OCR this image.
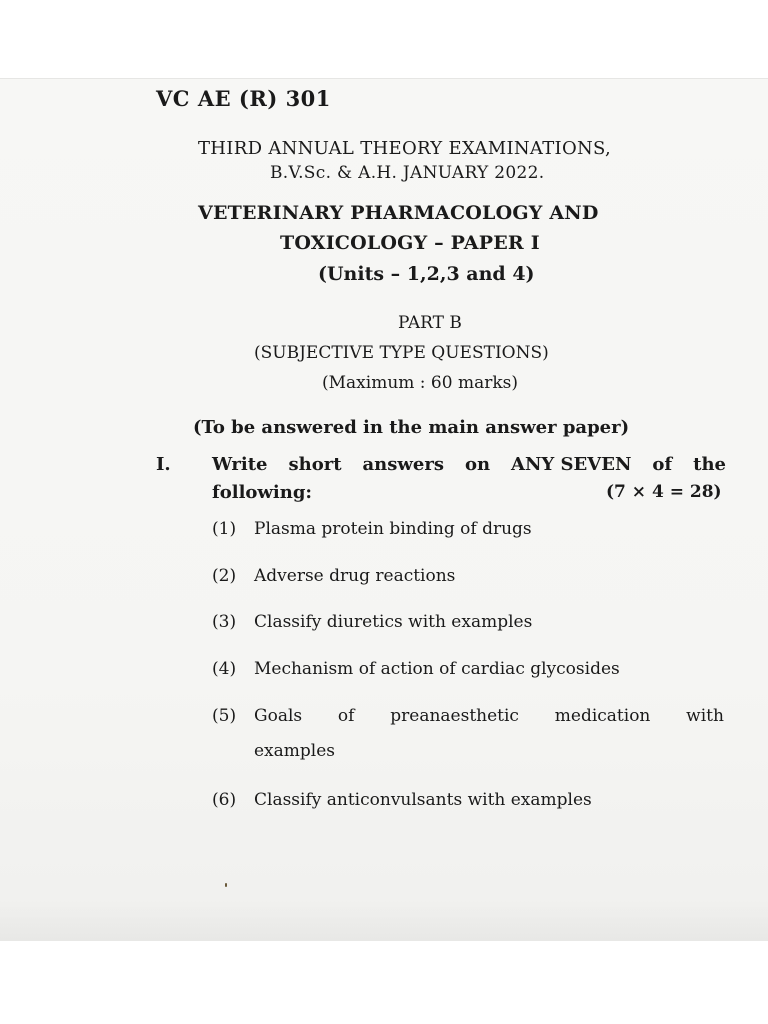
VC AE (R) 301
THIRD ANNUAL THEORY EXAMINATIONS,
B.V.Sc. & A.H. JANUARY 2022.
VETERINARY PHARMACOLOGY AND
TOXICOLOGY – PAPER I
(Units – 1,2,3 and 4)
PART B
(SUBJECTIVE TYPE QUESTIONS)
(Maximum : 60 marks)
(To be answered in the main answer paper)
I. Write short answers on ANY SEVEN of the
following:	(7 × 4 = 28)
(1) Plasma protein binding of drugs
(2) Adverse drug reactions
(3) Classify diuretics with examples
(4) Mechanism of action of cardiac glycosides
(5)	Goals of preanaesthetic medication with
examples
(6) Classify anticonvulsants with examples
